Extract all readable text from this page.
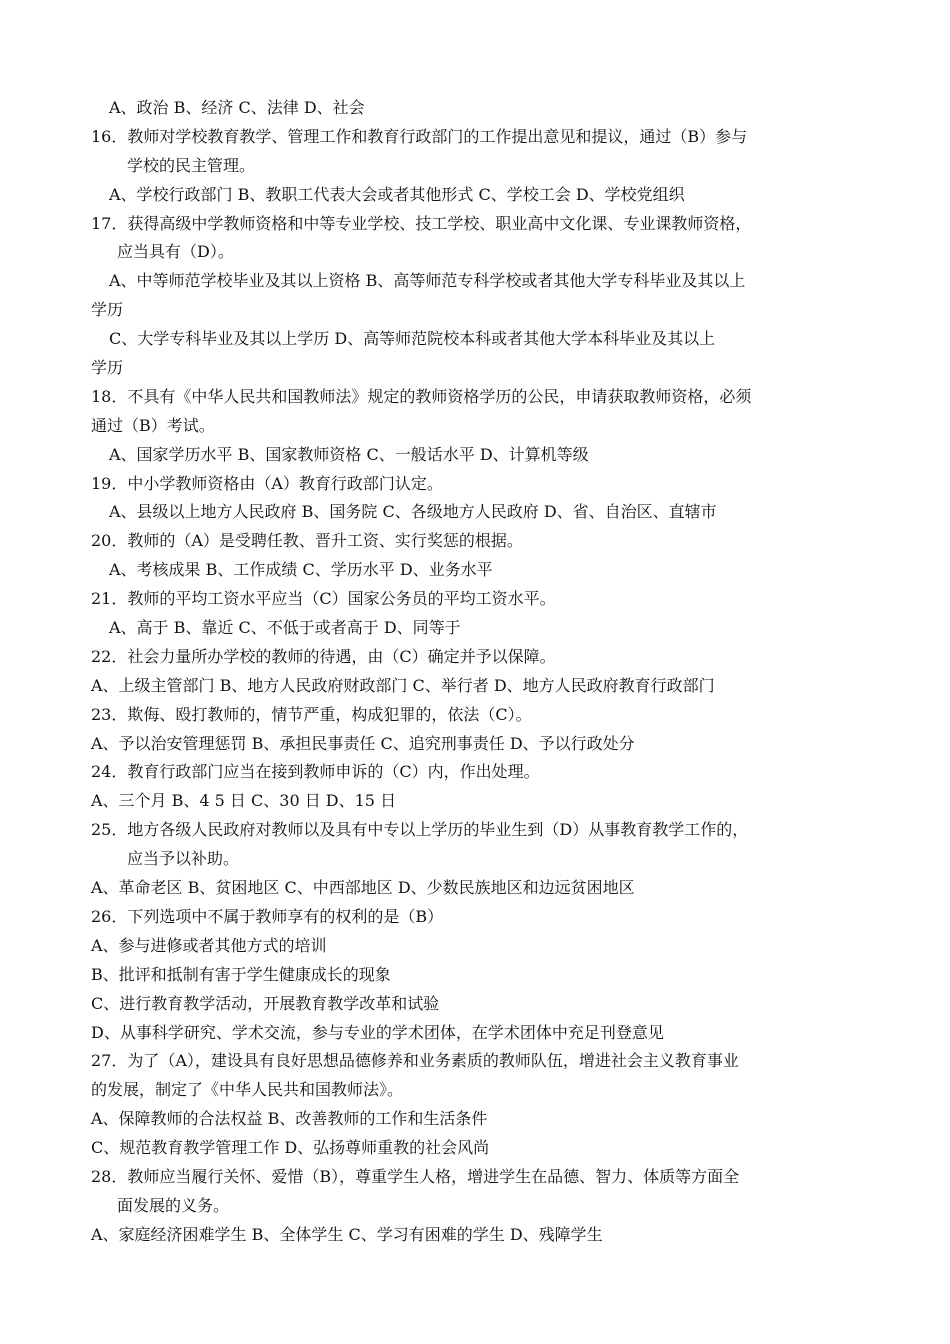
A、政治 B、经济 C、法律 D、社会
16．教师对学校教育教学、管理工作和教育行政部门的工作提出意见和提议，通过（B）参与
学校的民主管理。
A、学校行政部门 B、教职工代表大会或者其他形式 C、学校工会 D、学校党组织
17．获得高级中学教师资格和中等专业学校、技工学校、职业高中文化课、专业课教师资格，
应当具有（D）。
A、中等师范学校毕业及其以上资格 B、高等师范专科学校或者其他大学专科毕业及其以上
学历
C、大学专科毕业及其以上学历 D、高等师范院校本科或者其他大学本科毕业及其以上
学历
18．不具有《中华人民共和国教师法》规定的教师资格学历的公民，申请获取教师资格，必须
通过（B）考试。
A、国家学历水平 B、国家教师资格 C、一般话水平 D、计算机等级
19．中小学教师资格由（A）教育行政部门认定。
A、县级以上地方人民政府 B、国务院 C、各级地方人民政府 D、省、自治区、直辖市
20．教师的（A）是受聘任教、晋升工资、实行奖惩的根据。
A、考核成果 B、工作成绩 C、学历水平 D、业务水平
21．教师的平均工资水平应当（C）国家公务员的平均工资水平。
A、高于 B、靠近 C、不低于或者高于 D、同等于
22．社会力量所办学校的教师的待遇，由（C）确定并予以保障。
A、上级主管部门 B、地方人民政府财政部门 C、举行者 D、地方人民政府教育行政部门
23．欺侮、殴打教师的，情节严重，构成犯罪的，依法（C）。
A、予以治安管理惩罚 B、承担民事责任 C、追究刑事责任 D、予以行政处分
24．教育行政部门应当在接到教师申诉的（C）内，作出处理。
A、三个月 B、4 5 日 C、30 日 D、15 日
25．地方各级人民政府对教师以及具有中专以上学历的毕业生到（D）从事教育教学工作的，
应当予以补助。
A、革命老区 B、贫困地区 C、中西部地区 D、少数民族地区和边远贫困地区
26．下列选项中不属于教师享有的权利的是（B）
A、参与进修或者其他方式的培训
B、批评和抵制有害于学生健康成长的现象
C、进行教育教学活动，开展教育教学改革和试验
D、从事科学研究、学术交流，参与专业的学术团体，在学术团体中充足刊登意见
27．为了（A），建设具有良好思想品德修养和业务素质的教师队伍，增进社会主义教育事业
的发展，制定了《中华人民共和国教师法》。
A、保障教师的合法权益 B、改善教师的工作和生活条件
C、规范教育教学管理工作 D、弘扬尊师重教的社会风尚
28．教师应当履行关怀、爱惜（B），尊重学生人格，增进学生在品德、智力、体质等方面全
面发展的义务。
A、家庭经济困难学生 B、全体学生 C、学习有困难的学生 D、残障学生
